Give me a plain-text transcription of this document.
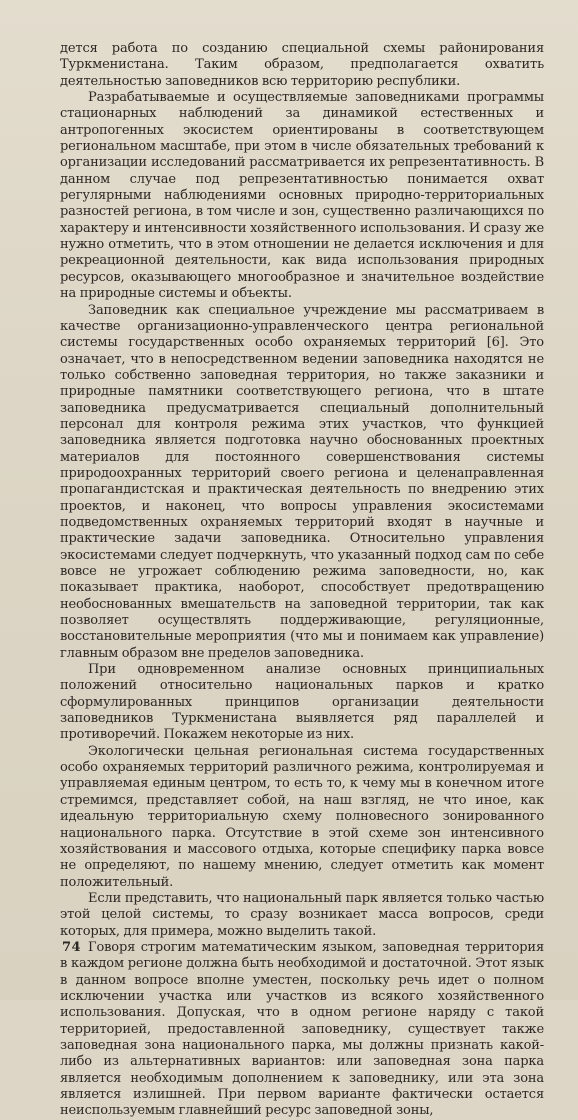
дется работа по созданию специальной схемы районирования Туркменистана. Таким образом, предполагается охватить деятельностью заповедников всю территорию республики.

Разрабатываемые и осуществляемые заповедниками программы стационарных наблюдений за динамикой естественных и антропогенных экосистем ориентированы в соответствующем региональном масштабе, при этом в числе обязательных требований к организации исследований рассматривается их репрезентативность. В данном случае под репрезентативностью понимается охват регулярными наблюдениями основных природно-территориальных разностей региона, в том числе и зон, существенно различающихся по характеру и интенсивности хозяйственного использования. И сразу же нужно отметить, что в этом отношении не делается исключения и для рекреационной деятельности, как вида использования природных ресурсов, оказывающего многообразное и значительное воздействие на природные системы и объекты.

Заповедник как специальное учреждение мы рассматриваем в качестве организационно-управленческого центра региональной системы государственных особо охраняемых территорий [6]. Это означает, что в непосредственном ведении заповедника находятся не только собственно заповедная территория, но также заказники и природные памятники соответствующего региона, что в штате заповедника предусматривается специальный дополнительный персонал для контроля режима этих участков, что функцией заповедника является подготовка научно обоснованных проектных материалов для постоянного совершенствования системы природоохранных территорий своего региона и целенаправленная пропагандистская и практическая деятельность по внедрению этих проектов, и наконец, что вопросы управления экосистемами подведомственных охраняемых территорий входят в научные и практические задачи заповедника. Относительно управления экосистемами следует подчеркнуть, что указанный подход сам по себе вовсе не угрожает соблюдению режима заповедности, но, как показывает практика, наоборот, способствует предотвращению необоснованных вмешательств на заповедной территории, так как позволяет осуществлять поддерживающие, регуляционные, восстановительные мероприятия (что мы и понимаем как управление) главным образом вне пределов заповедника.

При одновременном анализе основных принципиальных положений относительно национальных парков и кратко сформулированных принципов организации деятельности заповедников Туркменистана выявляется ряд параллелей и противоречий. Покажем некоторые из них.

Экологически цельная региональная система государственных особо охраняемых территорий различного режима, контролируемая и управляемая единым центром, то есть то, к чему мы в конечном итоге стремимся, представляет собой, на наш взгляд, не что иное, как идеальную территориальную схему полновесного зонированного национального парка. Отсутствие в этой схеме зон интенсивного хозяйствования и массового отдыха, которые специфику парка вовсе не определяют, по нашему мнению, следует отметить как момент положительный.

Если представить, что национальный парк является только частью этой целой системы, то сразу возникает масса вопросов, среди которых, для примера, можно выделить такой.

Говоря строгим математическим языком, заповедная территория в каждом регионе должна быть необходимой и достаточной. Этот язык в данном вопросе вполне уместен, поскольку речь идет о полном исключении участка или участков из всякого хозяйственного использования. Допуская, что в одном регионе наряду с такой территорией, предоставленной заповеднику, существует также заповедная зона национального парка, мы должны признать какой-либо из альтернативных вариантов: или заповедная зона парка является необходимым дополнением к заповеднику, или эта зона является излишней. При первом варианте фактически остается неиспользуемым главнейший ресурс заповедной зоны,

74
